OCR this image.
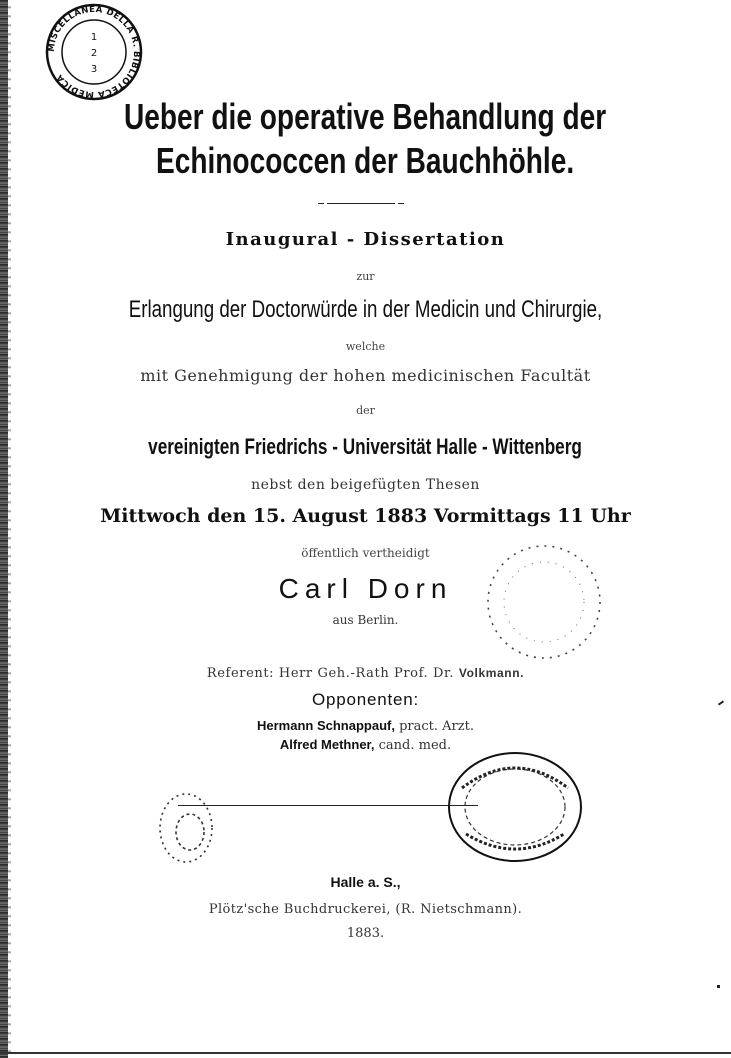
MISCELLANEA DELLA R. BIBLIOTECA MEDICA
1
2
3
Ueber die operative Behandlung der
Echinococcen der Bauchhöhle.
Inaugural - Dissertation
zur
Erlangung der Doctorwürde in der Medicin und Chirurgie,
welche
mit Genehmigung der hohen medicinischen Facultät
der
vereinigten Friedrichs - Universität Halle - Wittenberg
nebst den beigefügten Thesen
Mittwoch den 15. August 1883 Vormittags 11 Uhr
öffentlich vertheidigt
Carl Dorn
aus Berlin.
Referent: Herr Geh.-Rath Prof. Dr. Volkmann.
Opponenten:
Hermann Schnappauf, pract. Arzt.
Alfred Methner, cand. med.
Halle a. S.,
Plötz'sche Buchdruckerei, (R. Nietschmann).
1883.
